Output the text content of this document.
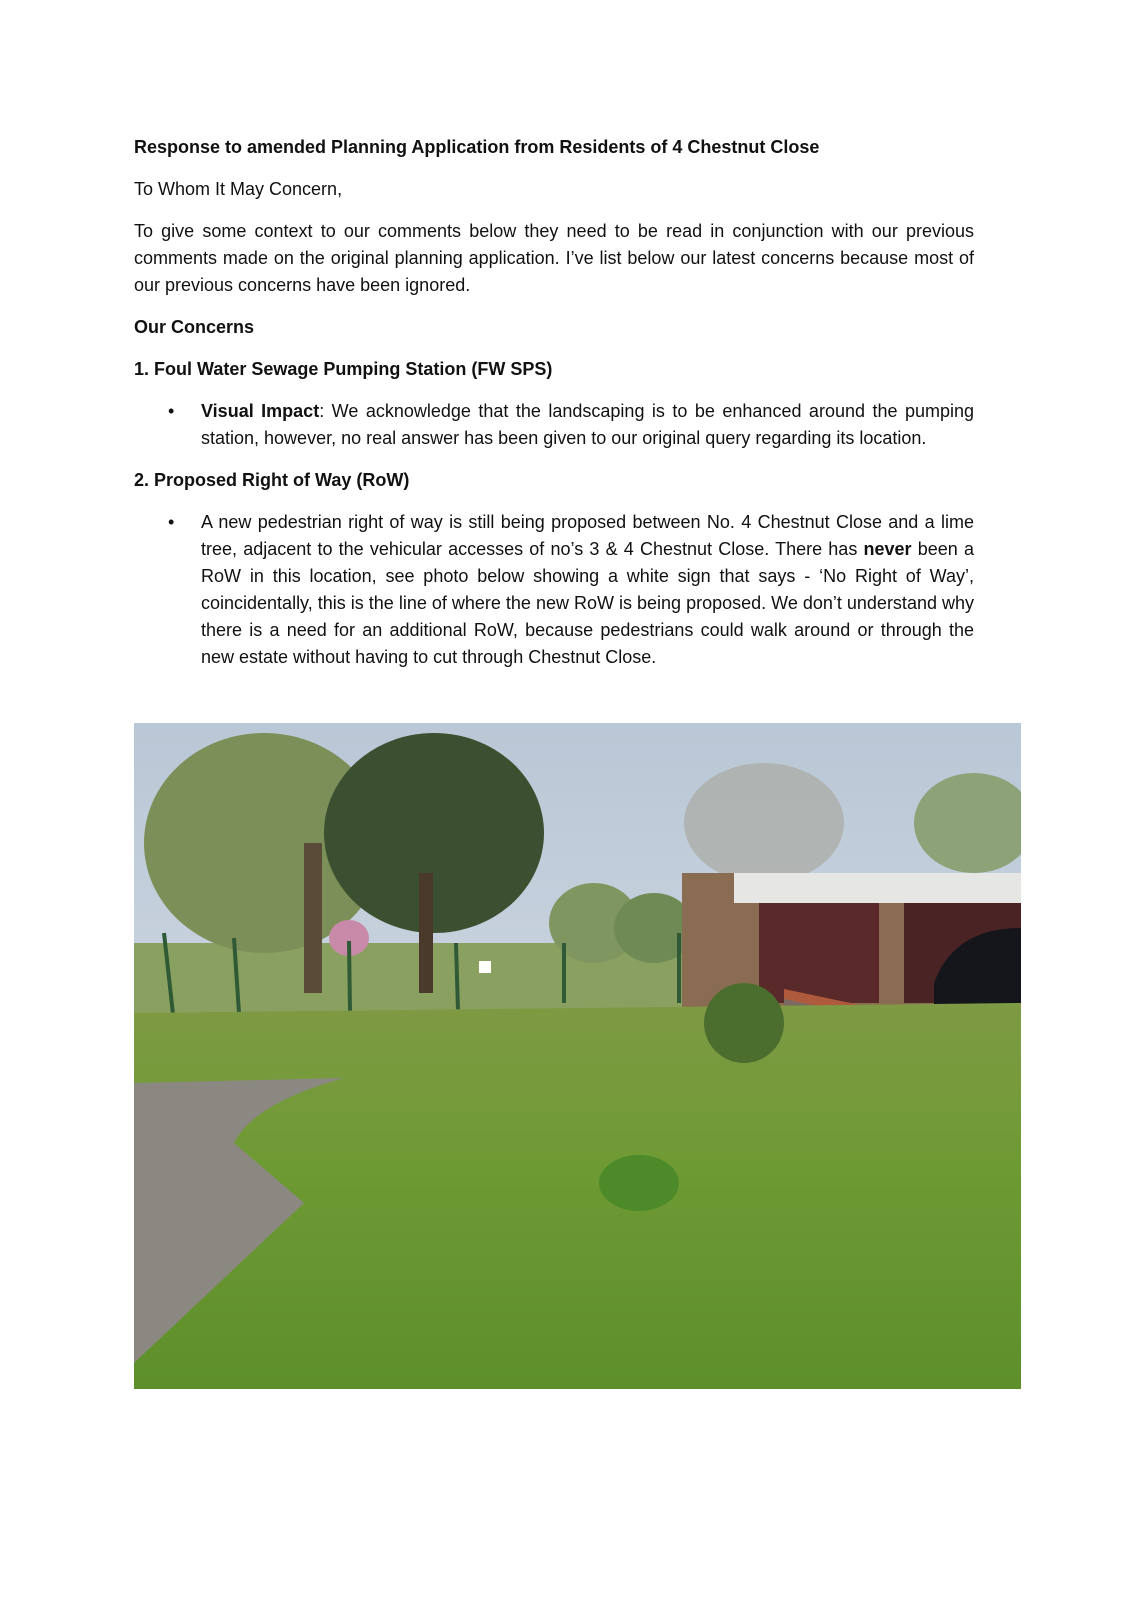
Response to amended Planning Application from Residents of 4 Chestnut Close

To Whom It May Concern,

To give some context to our comments below they need to be read in conjunction with our previous comments made on the original planning application. I’ve list below our latest concerns because most of our previous concerns have been ignored.

Our Concerns

1. Foul Water Sewage Pumping Station (FW SPS)

• Visual Impact: We acknowledge that the landscaping is to be enhanced around the pumping station, however, no real answer has been given to our original query regarding its location.

2. Proposed Right of Way (RoW)

• A new pedestrian right of way is still being proposed between No. 4 Chestnut Close and a lime tree, adjacent to the vehicular accesses of no’s 3 & 4 Chestnut Close. There has never been a RoW in this location, see photo below showing a white sign that says - ‘No Right of Way’, coincidentally, this is the line of where the new RoW is being proposed. We don’t understand why there is a need for an additional RoW, because pedestrians could walk around or through the new estate without having to cut through Chestnut Close.
